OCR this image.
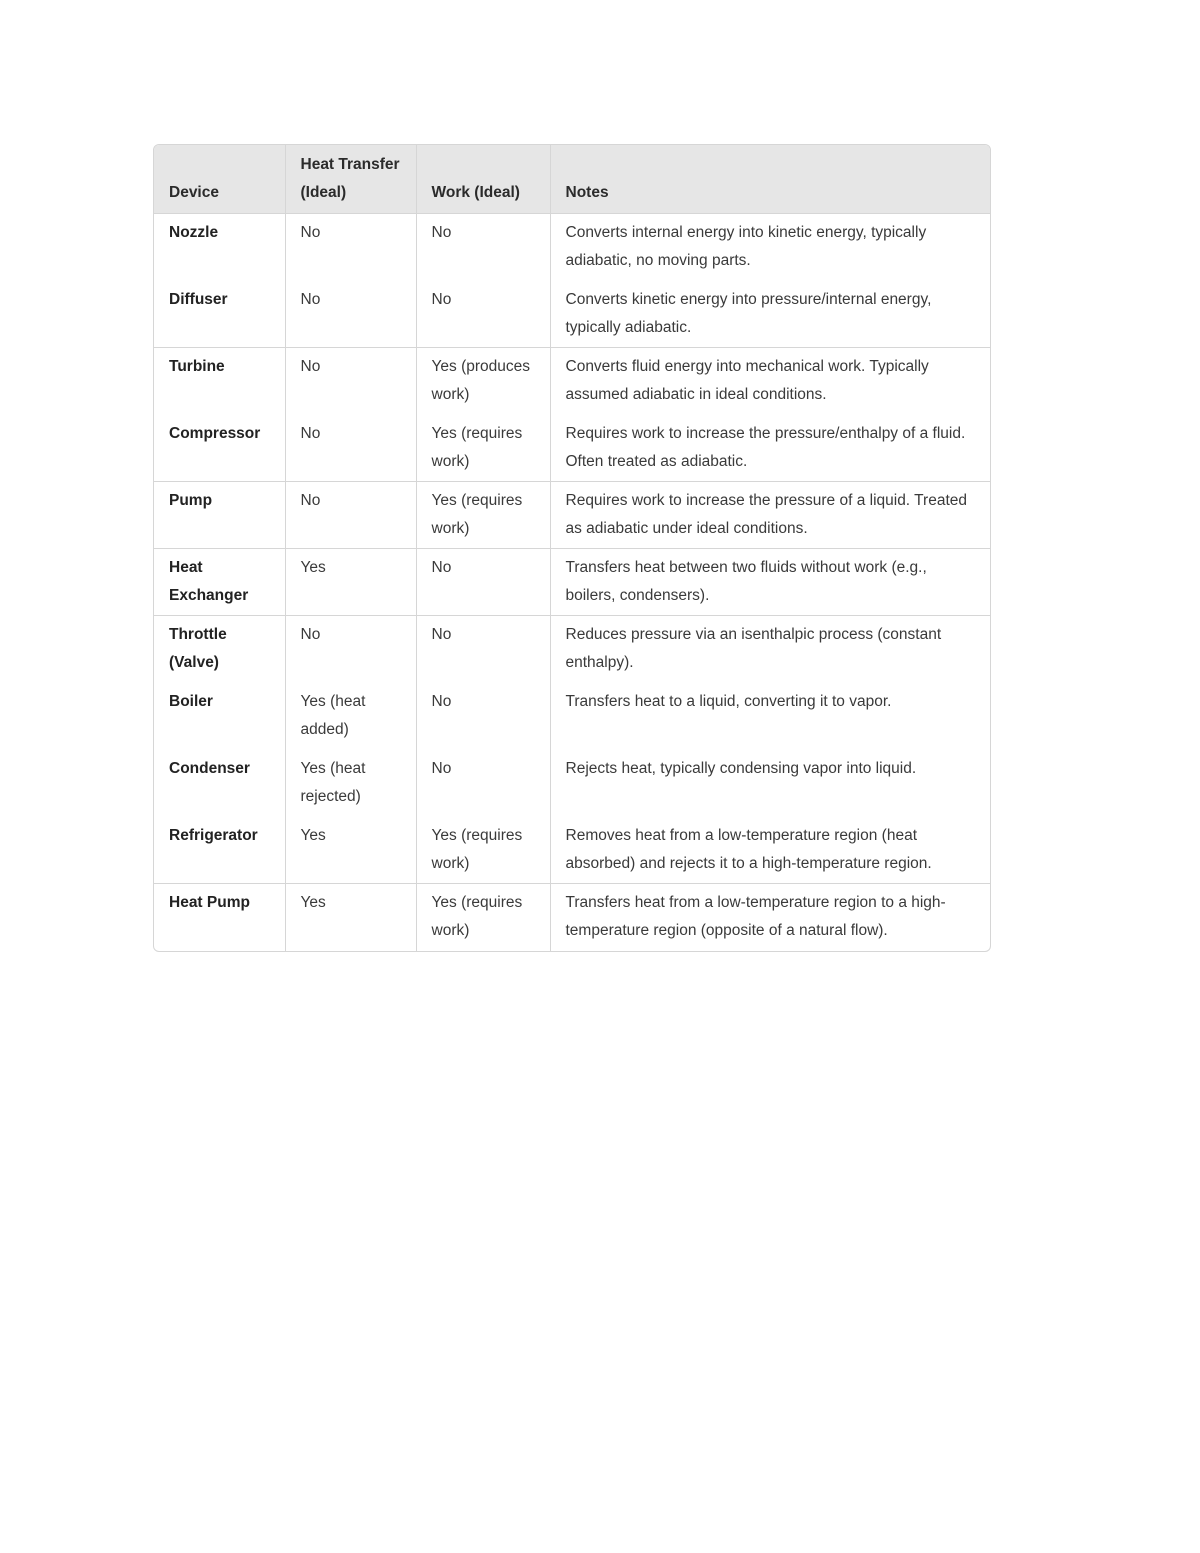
Device	Heat Transfer (Ideal)	Work (Ideal)	Notes
Nozzle	No	No	Converts internal energy into kinetic energy, typically adiabatic, no moving parts.
Diffuser	No	No	Converts kinetic energy into pressure/internal energy, typically adiabatic.
Turbine	No	Yes (produces work)	Converts fluid energy into mechanical work. Typically assumed adiabatic in ideal conditions.
Compressor	No	Yes (requires work)	Requires work to increase the pressure/enthalpy of a fluid. Often treated as adiabatic.
Pump	No	Yes (requires work)	Requires work to increase the pressure of a liquid. Treated as adiabatic under ideal conditions.
Heat Exchanger	Yes	No	Transfers heat between two fluids without work (e.g., boilers, condensers).
Throttle (Valve)	No	No	Reduces pressure via an isenthalpic process (constant enthalpy).
Boiler	Yes (heat added)	No	Transfers heat to a liquid, converting it to vapor.
Condenser	Yes (heat rejected)	No	Rejects heat, typically condensing vapor into liquid.
Refrigerator	Yes	Yes (requires work)	Removes heat from a low-temperature region (heat absorbed) and rejects it to a high-temperature region.
Heat Pump	Yes	Yes (requires work)	Transfers heat from a low-temperature region to a high-temperature region (opposite of a natural flow).
